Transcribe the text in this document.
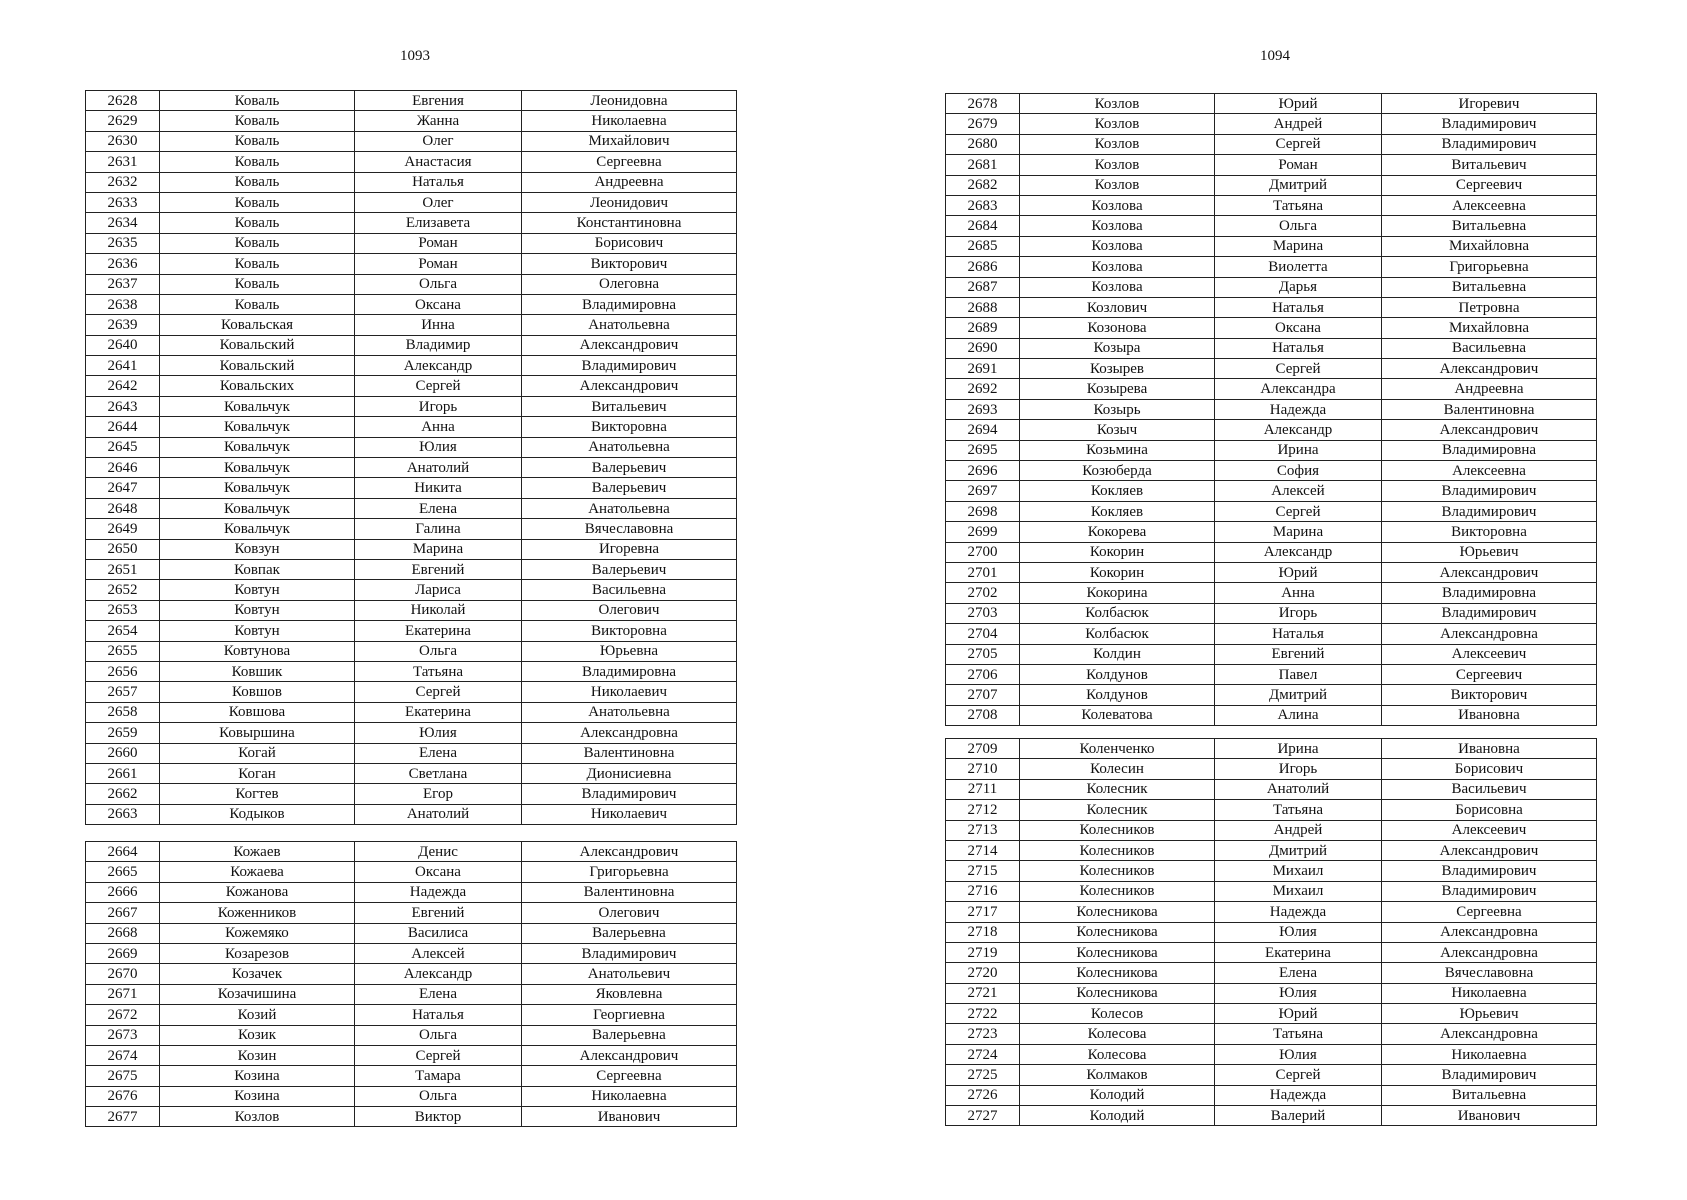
1093
2628	Коваль	Евгения	Леонидовна
2629	Коваль	Жанна	Николаевна
2630	Коваль	Олег	Михайлович
2631	Коваль	Анастасия	Сергеевна
2632	Коваль	Наталья	Андреевна
2633	Коваль	Олег	Леонидович
2634	Коваль	Елизавета	Константиновна
2635	Коваль	Роман	Борисович
2636	Коваль	Роман	Викторович
2637	Коваль	Ольга	Олеговна
2638	Коваль	Оксана	Владимировна
2639	Ковальская	Инна	Анатольевна
2640	Ковальский	Владимир	Александрович
2641	Ковальский	Александр	Владимирович
2642	Ковальских	Сергей	Александрович
2643	Ковальчук	Игорь	Витальевич
2644	Ковальчук	Анна	Викторовна
2645	Ковальчук	Юлия	Анатольевна
2646	Ковальчук	Анатолий	Валерьевич
2647	Ковальчук	Никита	Валерьевич
2648	Ковальчук	Елена	Анатольевна
2649	Ковальчук	Галина	Вячеславовна
2650	Ковзун	Марина	Игоревна
2651	Ковпак	Евгений	Валерьевич
2652	Ковтун	Лариса	Васильевна
2653	Ковтун	Николай	Олегович
2654	Ковтун	Екатерина	Викторовна
2655	Ковтунова	Ольга	Юрьевна
2656	Ковшик	Татьяна	Владимировна
2657	Ковшов	Сергей	Николаевич
2658	Ковшова	Екатерина	Анатольевна
2659	Ковыршина	Юлия	Александровна
2660	Когай	Елена	Валентиновна
2661	Коган	Светлана	Дионисиевна
2662	Когтев	Егор	Владимирович
2663	Кодыков	Анатолий	Николаевич
2664	Кожаев	Денис	Александрович
2665	Кожаева	Оксана	Григорьевна
2666	Кожанова	Надежда	Валентиновна
2667	Коженников	Евгений	Олегович
2668	Кожемяко	Василиса	Валерьевна
2669	Козарезов	Алексей	Владимирович
2670	Козачек	Александр	Анатольевич
2671	Козачишина	Елена	Яковлевна
2672	Козий	Наталья	Георгиевна
2673	Козик	Ольга	Валерьевна
2674	Козин	Сергей	Александрович
2675	Козина	Тамара	Сергеевна
2676	Козина	Ольга	Николаевна
2677	Козлов	Виктор	Иванович
1094
2678	Козлов	Юрий	Игоревич
2679	Козлов	Андрей	Владимирович
2680	Козлов	Сергей	Владимирович
2681	Козлов	Роман	Витальевич
2682	Козлов	Дмитрий	Сергеевич
2683	Козлова	Татьяна	Алексеевна
2684	Козлова	Ольга	Витальевна
2685	Козлова	Марина	Михайловна
2686	Козлова	Виолетта	Григорьевна
2687	Козлова	Дарья	Витальевна
2688	Козлович	Наталья	Петровна
2689	Козонова	Оксана	Михайловна
2690	Козыра	Наталья	Васильевна
2691	Козырев	Сергей	Александрович
2692	Козырева	Александра	Андреевна
2693	Козырь	Надежда	Валентиновна
2694	Козыч	Александр	Александрович
2695	Козьмина	Ирина	Владимировна
2696	Козюберда	София	Алексеевна
2697	Кокляев	Алексей	Владимирович
2698	Кокляев	Сергей	Владимирович
2699	Кокорева	Марина	Викторовна
2700	Кокорин	Александр	Юрьевич
2701	Кокорин	Юрий	Александрович
2702	Кокорина	Анна	Владимировна
2703	Колбасюк	Игорь	Владимирович
2704	Колбасюк	Наталья	Александровна
2705	Колдин	Евгений	Алексеевич
2706	Колдунов	Павел	Сергеевич
2707	Колдунов	Дмитрий	Викторович
2708	Колеватова	Алина	Ивановна
2709	Коленченко	Ирина	Ивановна
2710	Колесин	Игорь	Борисович
2711	Колесник	Анатолий	Васильевич
2712	Колесник	Татьяна	Борисовна
2713	Колесников	Андрей	Алексеевич
2714	Колесников	Дмитрий	Александрович
2715	Колесников	Михаил	Владимирович
2716	Колесников	Михаил	Владимирович
2717	Колесникова	Надежда	Сергеевна
2718	Колесникова	Юлия	Александровна
2719	Колесникова	Екатерина	Александровна
2720	Колесникова	Елена	Вячеславовна
2721	Колесникова	Юлия	Николаевна
2722	Колесов	Юрий	Юрьевич
2723	Колесова	Татьяна	Александровна
2724	Колесова	Юлия	Николаевна
2725	Колмаков	Сергей	Владимирович
2726	Колодий	Надежда	Витальевна
2727	Колодий	Валерий	Иванович
